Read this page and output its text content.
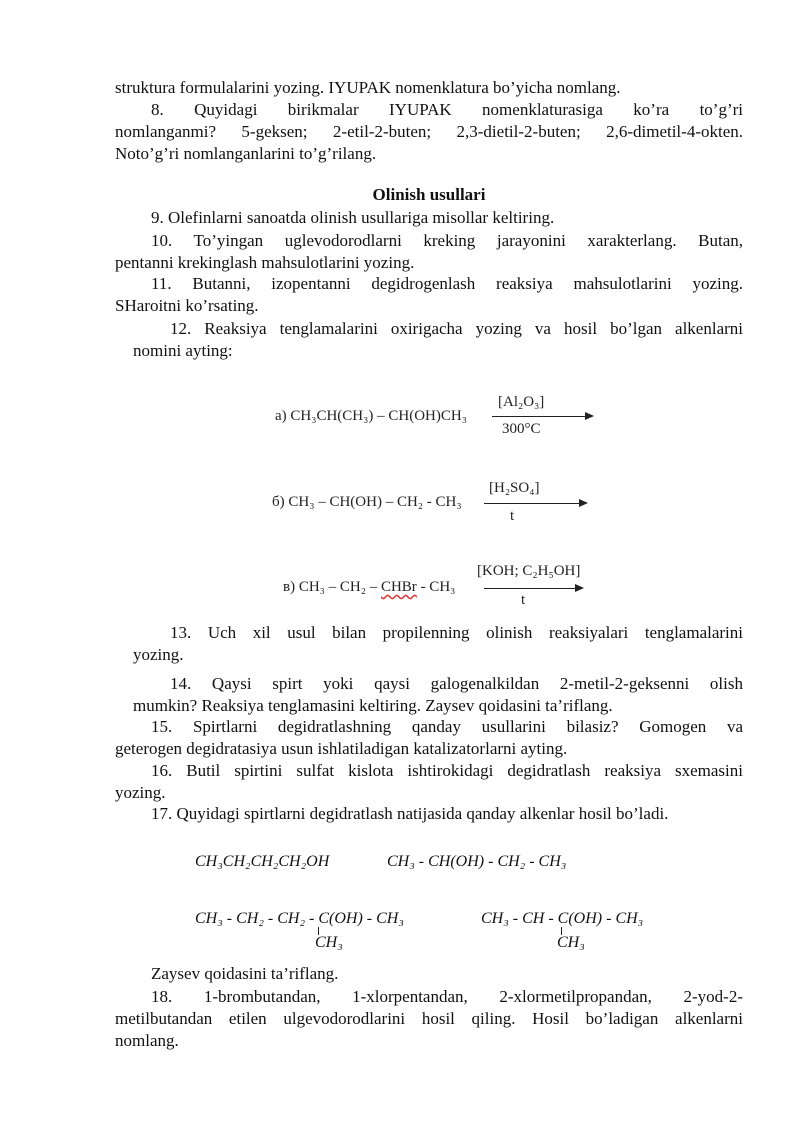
struktura formulalarini yozing. IYUPAK nomenklatura bo’yicha nomlang.
8. Quyidagi birikmalar IYUPAK nomenklaturasiga ko’ra to’g’ri
nomlanganmi? 5-geksen; 2-etil-2-buten; 2,3-dietil-2-buten; 2,6-dimetil-4-okten.
Noto’g’ri nomlanganlarini to’g’rilang.
Olinish usullari
9. Olefinlarni sanoatda olinish usullariga misollar keltiring.
10. To’yingan uglevodorodlarni kreking jarayonini xarakterlang. Butan,
pentanni krekinglash mahsulotlarini yozing.
11. Butanni, izopentanni degidrogenlash reaksiya mahsulotlarini yozing.
SHaroitni ko’rsating.
12. Reaksiya tenglamalarini oxirigacha yozing va hosil bo’lgan alkenlarni
nomini ayting:
a) CH₃CH(CH₃) – CH(OH)CH₃
[Al₂O₃]
300°C
б) CH₃ – CH(OH) – CH₂ - CH₃
[H₂SO₄]
t
в) CH₃ – CH₂ – CHBr - CH₃
[KOH; C₂H₅OH]
t
13. Uch xil usul bilan propilenning olinish reaksiyalari tenglamalarini
yozing.
14. Qaysi spirt yoki qaysi galogenalkildan 2-metil-2-geksenni olish
mumkin? Reaksiya tenglamasini keltiring. Zaysev qoidasini ta’riflang.
15. Spirtlarni degidratlashning qanday usullarini bilasiz? Gomogen va
geterogen degidratasiya usun ishlatiladigan katalizatorlarni ayting.
16. Butil spirtini sulfat kislota ishtirokidagi degidratlash reaksiya sxemasini
yozing.
17. Quyidagi spirtlarni degidratlash natijasida qanday alkenlar hosil bo’ladi.
CH₃CH₂CH₂CH₂OH	CH₃ - CH(OH) - CH₂ - CH₃
CH₃ - CH₂ - CH₂ - C(OH) - CH₃
CH₃
CH₃ - CH - C(OH) - CH₃
CH₃
Zaysev qoidasini ta’riflang.
18. 1-brombutandan, 1-xlorpentandan, 2-xlormetilpropandan, 2-yod-2-
metilbutandan etilen ulgevodorodlarini hosil qiling. Hosil bo’ladigan alkenlarni
nomlang.
